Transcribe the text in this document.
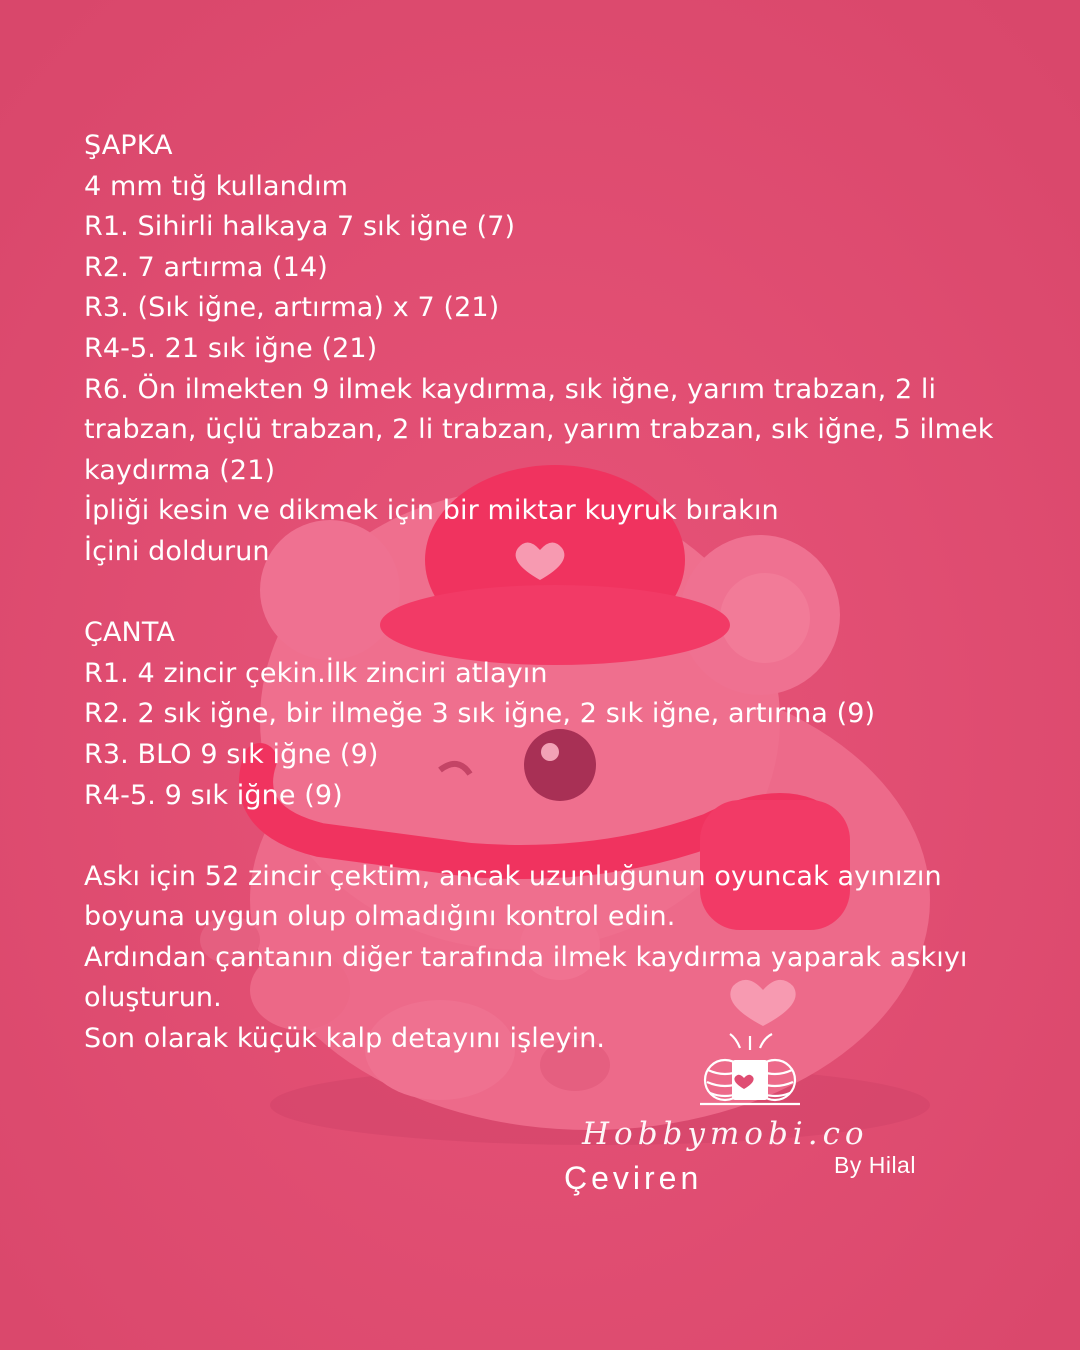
ŞAPKA
4 mm tığ kullandım
R1. Sihirli halkaya 7 sık iğne (7)
R2. 7 artırma (14)
R3. (Sık iğne, artırma) x 7 (21)
R4-5. 21 sık iğne (21)
R6. Ön ilmekten 9 ilmek kaydırma, sık iğne, yarım trabzan, 2 li trabzan, üçlü trabzan, 2 li trabzan, yarım trabzan, sık iğne, 5 ilmek kaydırma (21)
İpliği kesin ve dikmek için bir miktar kuyruk bırakın
İçini doldurun
ÇANTA
R1. 4 zincir çekin.İlk zinciri atlayın
R2. 2 sık iğne, bir ilmeğe 3 sık iğne, 2 sık iğne, artırma (9)
R3. BLO 9 sık iğne (9)
R4-5. 9 sık iğne (9)
Askı için 52 zincir çektim, ancak uzunluğunun oyuncak ayınızın boyuna uygun olup olmadığını kontrol edin.
Ardından çantanın diğer tarafında ilmek kaydırma yaparak askıyı oluşturun.
Son olarak küçük kalp detayını işleyin.
Hobbymobi.co
By Hilal
Çeviren
